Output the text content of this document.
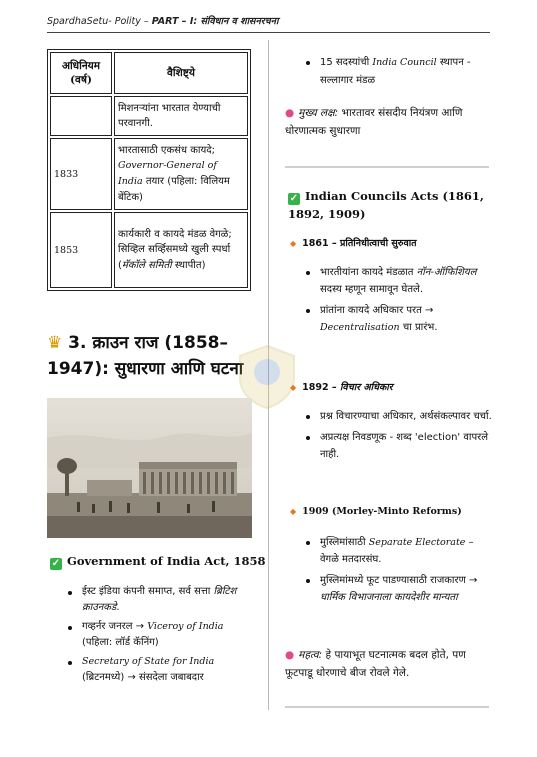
SpardhaSetu- Polity – PART – I: संविधान व शासनरचना
अधिनियम (वर्ष)	वैशिष्ट्ये
	मिशनऱ्यांना भारतात येण्याची परवानगी.
1833	भारतासाठी एकसंध कायदे; Governor-General of India तयार (पहिला: विलियम बेंटिक)
1853	कार्यकारी व कायदे मंडळ वेगळे; सिव्हिल सर्व्हिसमध्ये खुली स्पर्धा (मॅकॉले समिती स्थापीत)
♛ 3. क्राउन राज (1858–1947): सुधारणा आणि घटना
✓ Government of India Act, 1858
ईस्ट इंडिया कंपनी समाप्त, सर्व सत्ता ब्रिटिश क्राउनकडे.
गव्हर्नर जनरल → Viceroy of India (पहिला: लॉर्ड कॅनिंग)
Secretary of State for India (ब्रिटनमध्ये) → संसदेला जबाबदार
15 सदस्यांची India Council स्थापन - सल्लागार मंडळ
● मुख्य लक्ष: भारतावर संसदीय नियंत्रण आणि धोरणात्मक सुधारणा
✓ Indian Councils Acts (1861, 1892, 1909)
◆ 1861 – प्रतिनिधीत्वाची सुरुवात
भारतीयांना कायदे मंडळात नॉन-ऑफिशियल सदस्य म्हणून सामावून घेतले.
प्रांतांना कायदे अधिकार परत → Decentralisation चा प्रारंभ.
◆ 1892 – विचार अधिकार
प्रश्न विचारण्याचा अधिकार, अर्थसंकल्पावर चर्चा.
अप्रत्यक्ष निवडणूक - शब्द 'election' वापरले नाही.
◆ 1909 (Morley-Minto Reforms)
मुस्लिमांसाठी Separate Electorate – वेगळे मतदारसंघ.
मुस्लिमांमध्ये फूट पाडण्यासाठी राजकारण → धार्मिक विभाजनाला कायदेशीर मान्यता
● महत्व: हे पायाभूत घटनात्मक बदल होते, पण फूटपाडू धोरणाचे बीज रोवले गेले.
